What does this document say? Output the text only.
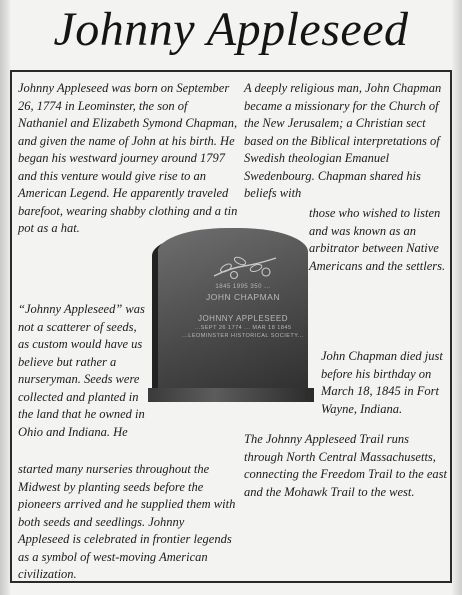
Johnny Appleseed
Johnny Appleseed was born on September 26, 1774 in Leominster, the son of Nathaniel and Elizabeth Symond Chapman, and given the name of John at his birth. He began his westward journey around 1797 and this venture would give rise to an American Legend. He apparently traveled barefoot, wearing shabby clothing and a tin pot as a hat.
“Johnny Appleseed” was not a scatterer of seeds, as custom would have us believe but rather a nurseryman. Seeds were collected and planted in the land that he owned in Ohio and Indiana. He
started many nurseries throughout the Midwest by planting seeds before the pioneers arrived and he supplied them with both seeds and seedlings. Johnny Appleseed is celebrated in frontier legends as a symbol of west-moving American civilization.
A deeply religious man, John Chapman became a missionary for the Church of the New Jerusalem; a Christian sect based on the Biblical interpretations of Swedish theologian Emanuel Swedenbourg. Chapman shared his beliefs with
those who wished to listen and was known as an arbitrator between Native Americans and the settlers.
John Chapman died just before his birthday on March 18, 1845 in Fort Wayne, Indiana.
The Johnny Appleseed Trail runs through North Central Massachusetts, connecting the Freedom Trail to the east and the Mohawk Trail to the west.
1845 1995 350 ...
JOHN CHAPMAN
JOHNNY APPLESEED
...SEPT 26 1774 ... MAR 18 1845
...LEOMINSTER HISTORICAL SOCIETY...
